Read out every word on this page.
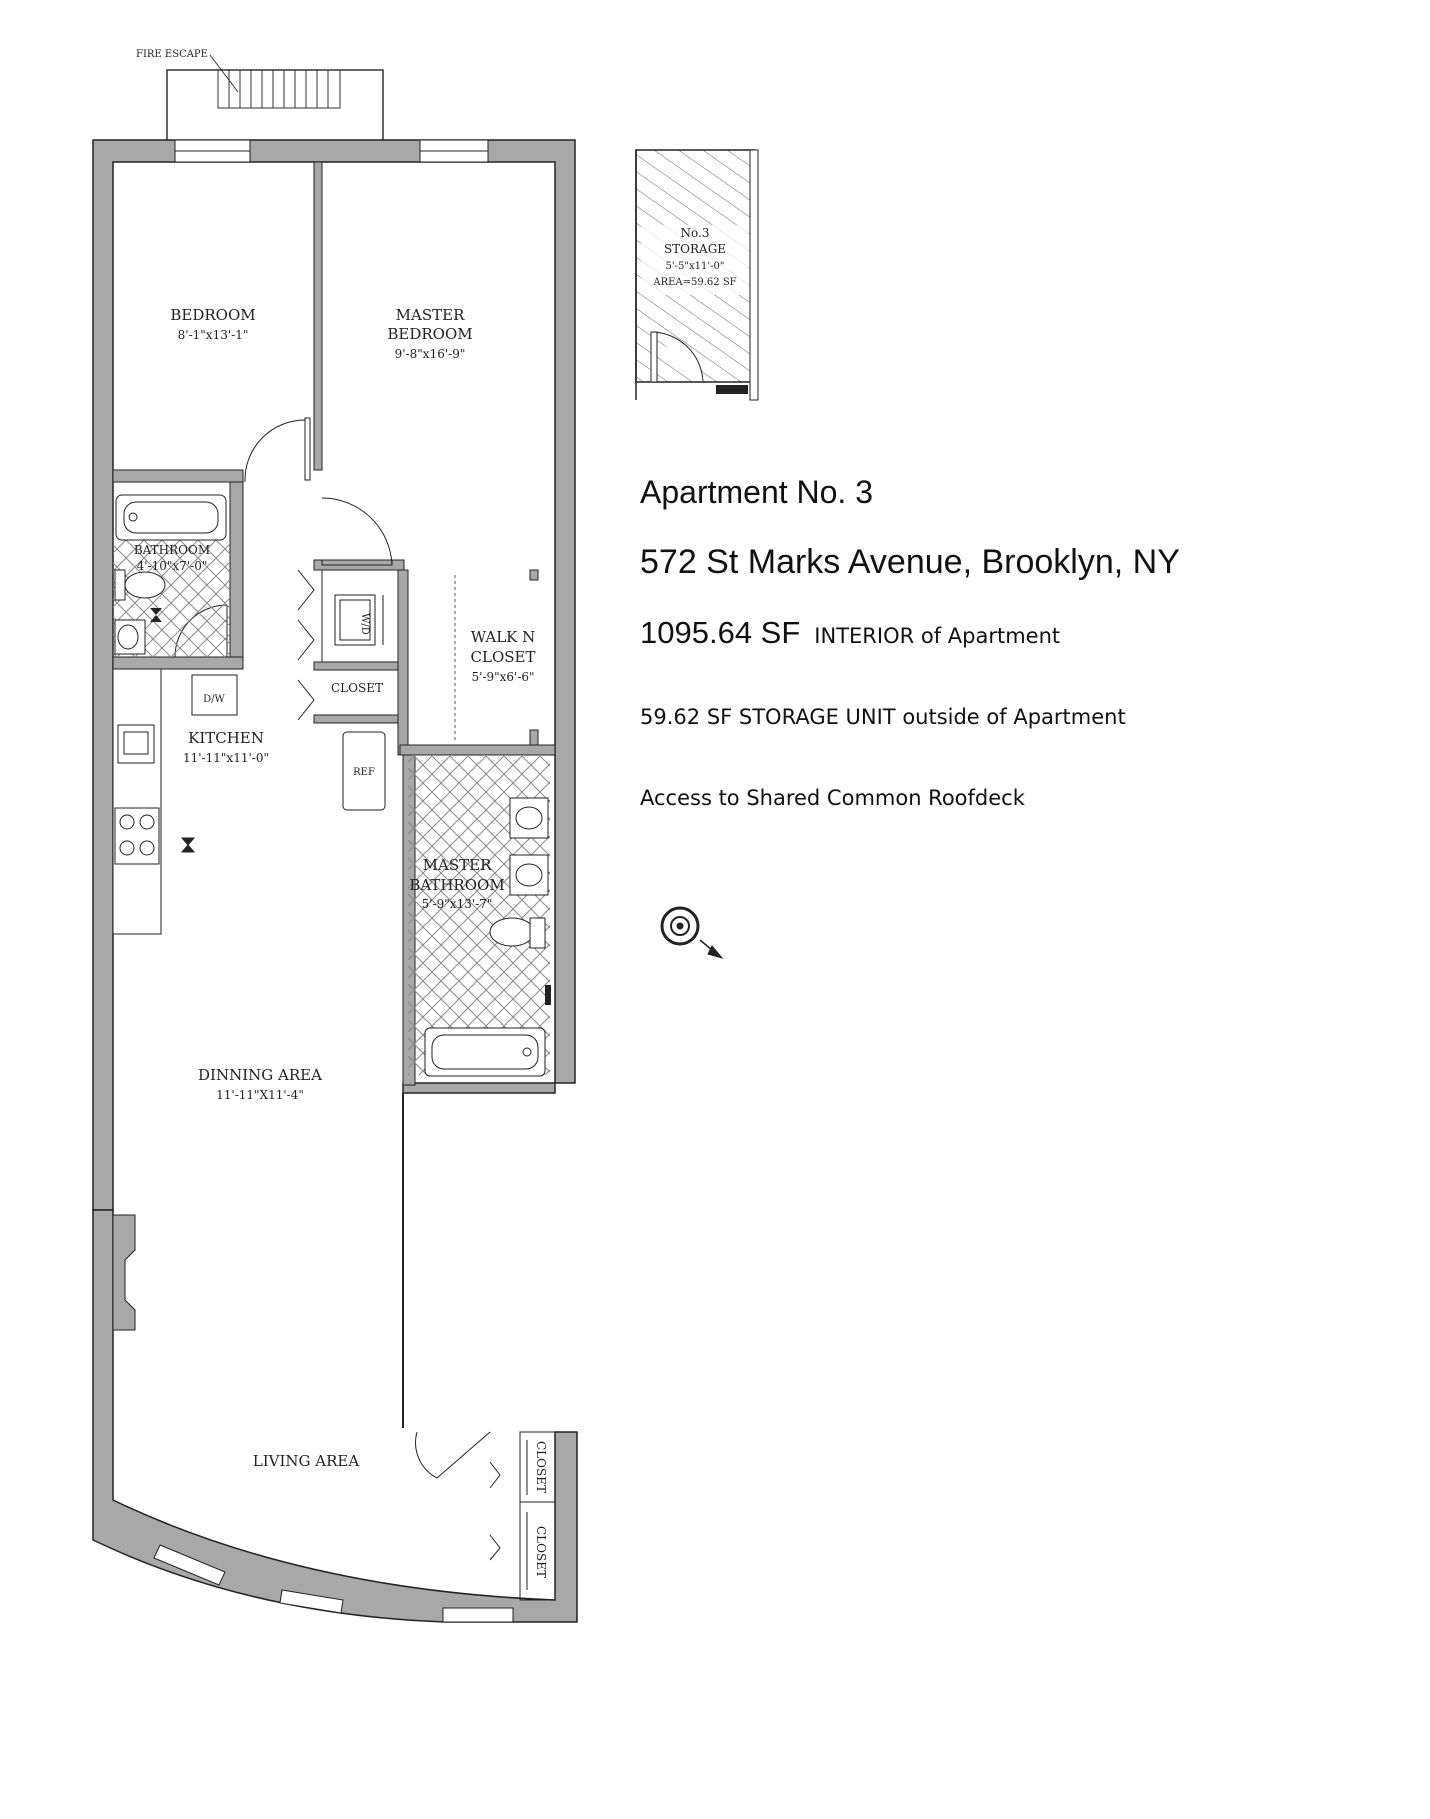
FIRE ESCAPE
BATHROOM
4'-10"x7'-0"
W/D
CLOSET
WALK N
CLOSET
5'-9"x6'-6"
D/W
REF
KITCHEN
11'-11"x11'-0"
MASTER
BATHROOM
5'-9"x13'-7"
CLOSET
CLOSET
BEDROOM
8'-1"x13'-1"
MASTER
BEDROOM
9'-8"x16'-9"
DINNING AREA
11'-11"X11'-4"
LIVING AREA
No.3
STORAGE
5'-5"x11'-0"
AREA=59.62 SF
Apartment No. 3
572 St Marks Avenue, Brooklyn, NY
1095.64 SF INTERIOR of Apartment
59.62 SF STORAGE UNIT outside of Apartment
Access to Shared Common Roofdeck
